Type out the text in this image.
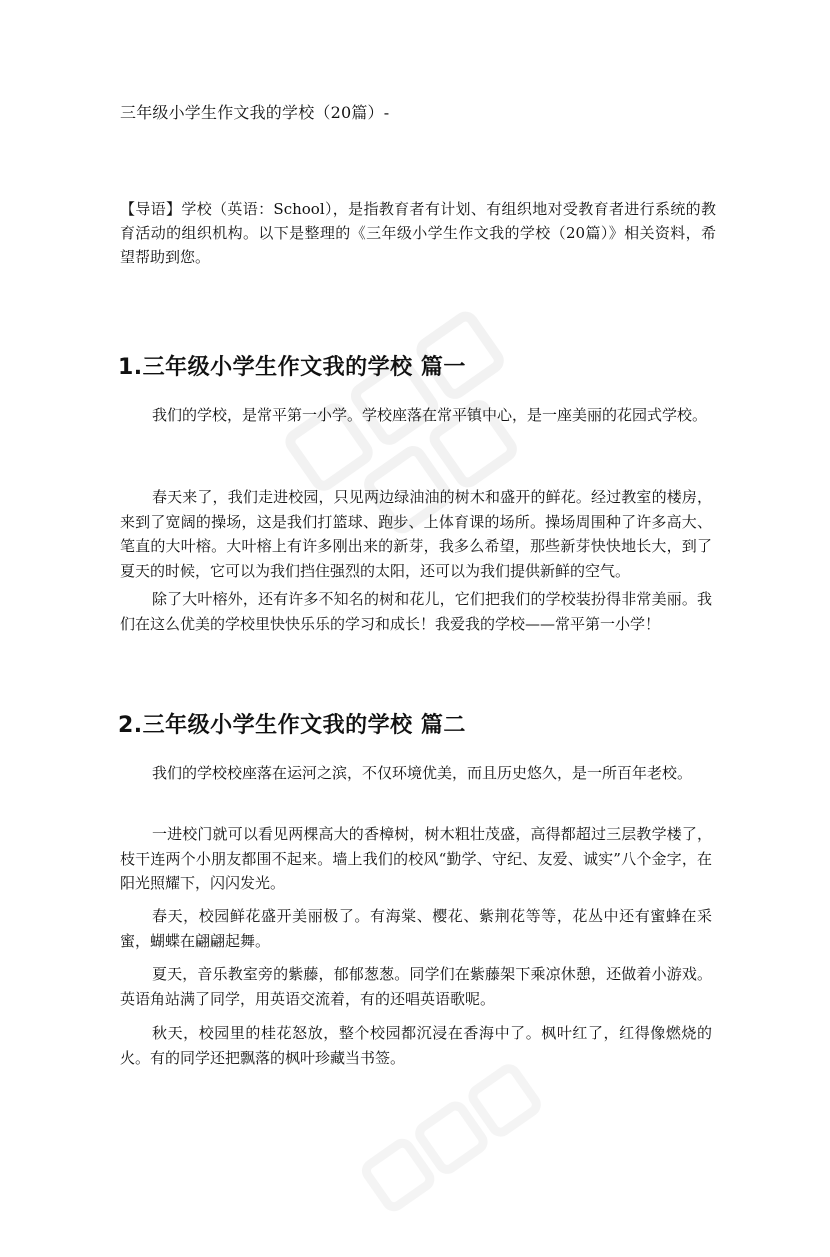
三年级小学生作文我的学校（20篇）-
【导语】学校（英语：School），是指教育者有计划、有组织地对受教育者进行系统的教育活动的组织机构。以下是整理的《三年级小学生作文我的学校（20篇）》相关资料，希望帮助到您。
1.三年级小学生作文我的学校 篇一
我们的学校，是常平第一小学。学校座落在常平镇中心，是一座美丽的花园式学校。
春天来了，我们走进校园，只见两边绿油油的树木和盛开的鲜花。经过教室的楼房，来到了宽阔的操场，这是我们打篮球、跑步、上体育课的场所。操场周围种了许多高大、笔直的大叶榕。大叶榕上有许多刚出来的新芽，我多么希望，那些新芽快快地长大，到了夏天的时候，它可以为我们挡住强烈的太阳，还可以为我们提供新鲜的空气。
除了大叶榕外，还有许多不知名的树和花儿，它们把我们的学校装扮得非常美丽。我们在这么优美的学校里快快乐乐的学习和成长！我爱我的学校——常平第一小学！
2.三年级小学生作文我的学校 篇二
我们的学校校座落在运河之滨，不仅环境优美，而且历史悠久，是一所百年老校。
一进校门就可以看见两棵高大的香樟树，树木粗壮茂盛，高得都超过三层教学楼了，枝干连两个小朋友都围不起来。墙上我们的校风“勤学、守纪、友爱、诚实”八个金字，在阳光照耀下，闪闪发光。
春天，校园鲜花盛开美丽极了。有海棠、樱花、紫荆花等等，花丛中还有蜜蜂在采蜜，蝴蝶在翩翩起舞。
夏天，音乐教室旁的紫藤，郁郁葱葱。同学们在紫藤架下乘凉休憩，还做着小游戏。英语角站满了同学，用英语交流着，有的还唱英语歌呢。
秋天，校园里的桂花怒放，整个校园都沉浸在香海中了。枫叶红了，红得像燃烧的火。有的同学还把飘落的枫叶珍藏当书签。
